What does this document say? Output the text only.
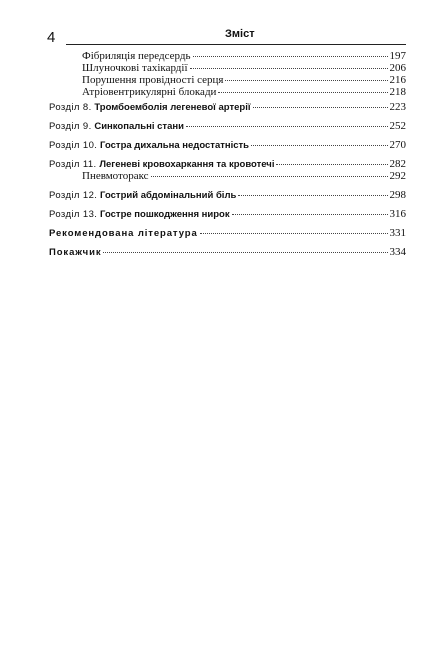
4	Зміст
Фібриляція передсердь	197
Шлуночкові тахікардії	206
Порушення провідності серця	216
Атріовентрикулярні блокади	218
Розділ 8. Тромбоемболія легеневої артерії	223
Розділ 9. Синкопальні стани	252
Розділ 10. Гостра дихальна недостатність	270
Розділ 11. Легеневі кровохаркання та кровотечі	282
Пневмоторакс	292
Розділ 12. Гострий абдомінальний біль	298
Розділ 13. Гостре пошкодження нирок	316
Рекомендована література	331
Покажчик	334
